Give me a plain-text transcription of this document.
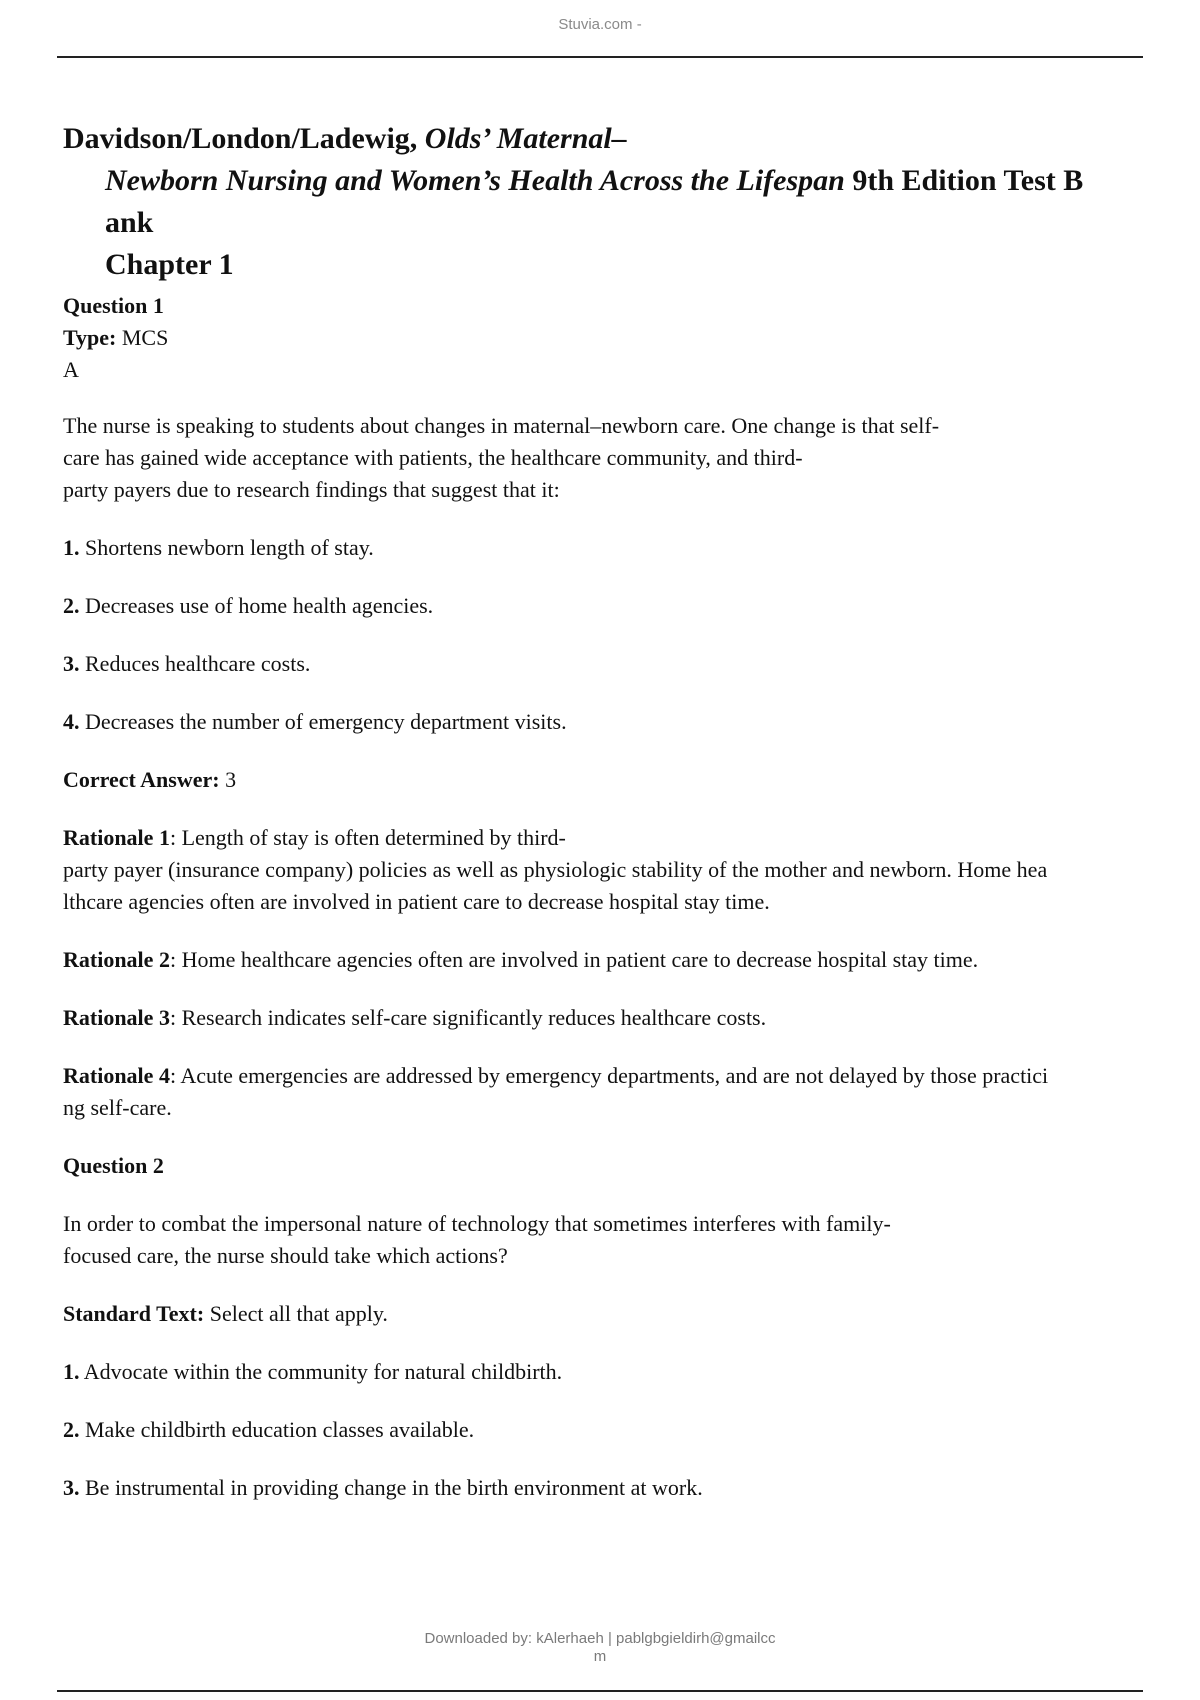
Stuvia.com -
Davidson/London/Ladewig, Olds’ Maternal–
Newborn Nursing and Women’s Health Across the Lifespan 9th Edition Test B
ank
Chapter 1
Question 1
Type: MCS
A

The nurse is speaking to students about changes in maternal–newborn care. One change is that self-

care has gained wide acceptance with patients, the healthcare community, and third-

party payers due to research findings that suggest that it:

1. Shortens newborn length of stay.

2. Decreases use of home health agencies.

3. Reduces healthcare costs.

4. Decreases the number of emergency department visits.

Correct Answer: 3

Rationale 1: Length of stay is often determined by third-

party payer (insurance company) policies as well as physiologic stability of the mother and newborn. Home hea

lthcare agencies often are involved in patient care to decrease hospital stay time.

Rationale 2: Home healthcare agencies often are involved in patient care to decrease hospital stay time.

Rationale 3: Research indicates self-care significantly reduces healthcare costs.

Rationale 4: Acute emergencies are addressed by emergency departments, and are not delayed by those practici

ng self-care.

Question 2

In order to combat the impersonal nature of technology that sometimes interferes with family-

focused care, the nurse should take which actions?

Standard Text: Select all that apply.

1. Advocate within the community for natural childbirth.

2. Make childbirth education classes available.

3. Be instrumental in providing change in the birth environment at work.

Downloaded by: kAlerhaeh | pablgbgieldirh@gmailcc
m
